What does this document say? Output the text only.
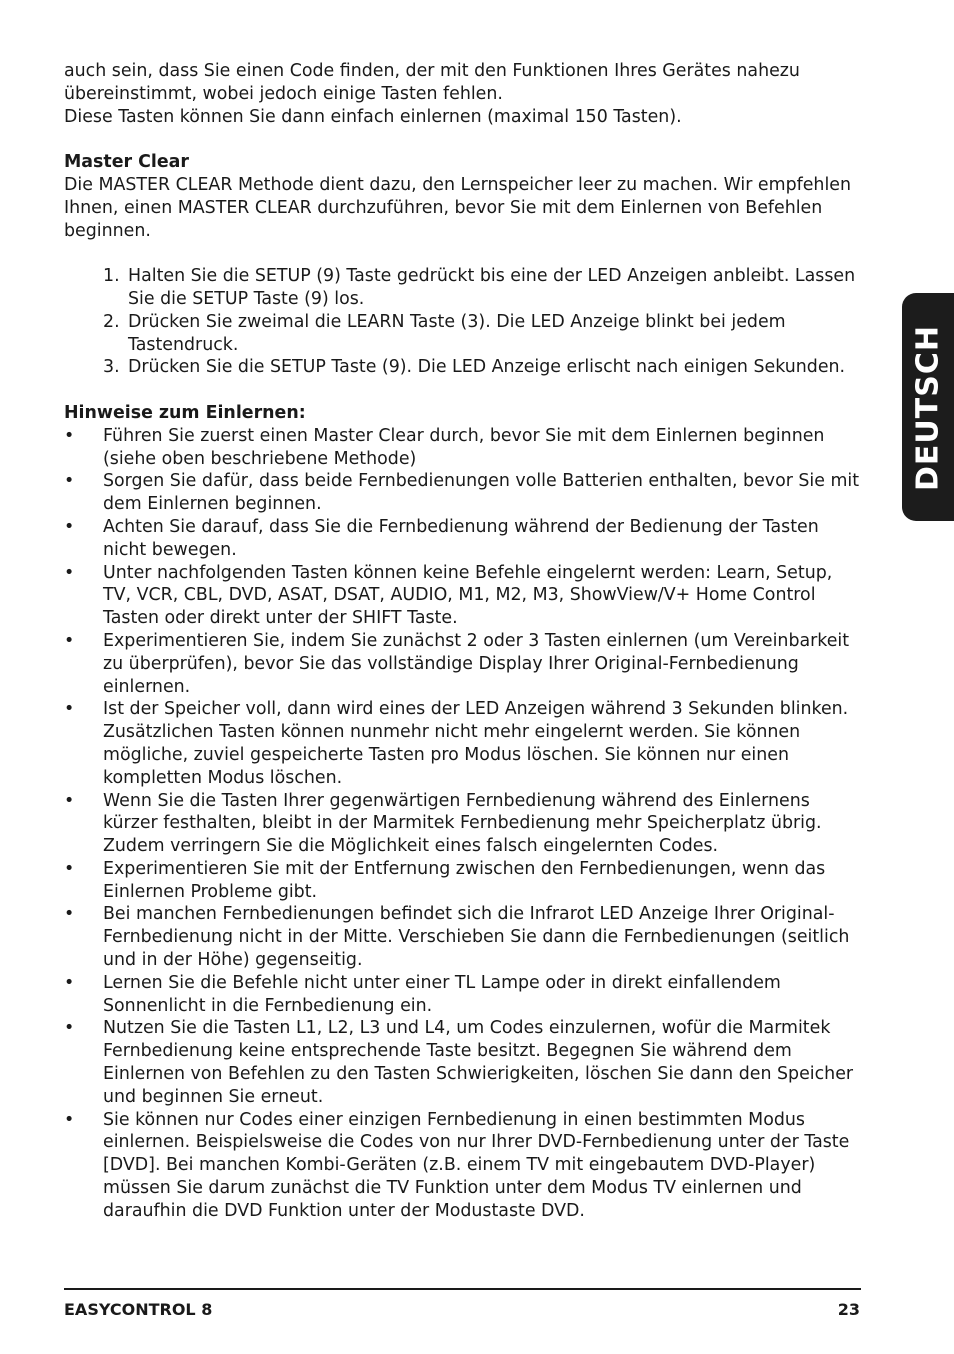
auch sein, dass Sie einen Code finden, der mit den Funktionen Ihres Gerätes nahezu übereinstimmt, wobei jedoch einige Tasten fehlen.

Diese Tasten können Sie dann einfach einlernen (maximal 150 Tasten).

Master Clear

Die MASTER CLEAR Methode dient dazu, den Lernspeicher leer zu machen. Wir empfehlen Ihnen, einen MASTER CLEAR durchzuführen, bevor Sie mit dem Einlernen von Befehlen beginnen.

1. Halten Sie die SETUP (9) Taste gedrückt bis eine der LED Anzeigen anbleibt. Lassen Sie die SETUP Taste (9) los.
2. Drücken Sie zweimal die LEARN Taste (3). Die LED Anzeige blinkt bei jedem Tastendruck.
3. Drücken Sie die SETUP Taste (9). Die LED Anzeige erlischt nach einigen Sekunden.

Hinweise zum Einlernen:

• Führen Sie zuerst einen Master Clear durch, bevor Sie mit dem Einlernen beginnen (siehe oben beschriebene Methode)
• Sorgen Sie dafür, dass beide Fernbedienungen volle Batterien enthalten, bevor Sie mit dem Einlernen beginnen.
• Achten Sie darauf, dass Sie die Fernbedienung während der Bedienung der Tasten nicht bewegen.
• Unter nachfolgenden Tasten können keine Befehle eingelernt werden: Learn, Setup, TV, VCR, CBL, DVD, ASAT, DSAT, AUDIO, M1, M2, M3, ShowView/V+ Home Control Tasten oder direkt unter der SHIFT Taste.
• Experimentieren Sie, indem Sie zunächst 2 oder 3 Tasten einlernen (um Vereinbarkeit zu überprüfen), bevor Sie das vollständige Display Ihrer Original-Fernbedienung einlernen.
• Ist der Speicher voll, dann wird eines der LED Anzeigen während 3 Sekunden blinken. Zusätzlichen Tasten können nunmehr nicht mehr eingelernt werden. Sie können mögliche, zuviel gespeicherte Tasten pro Modus löschen. Sie können nur einen kompletten Modus löschen.
• Wenn Sie die Tasten Ihrer gegenwärtigen Fernbedienung während des Einlernens kürzer festhalten, bleibt in der Marmitek Fernbedienung mehr Speicherplatz übrig. Zudem verringern Sie die Möglichkeit eines falsch eingelernten Codes.
• Experimentieren Sie mit der Entfernung zwischen den Fernbedienungen, wenn das Einlernen Probleme gibt.
• Bei manchen Fernbedienungen befindet sich die Infrarot LED Anzeige Ihrer Original-Fernbedienung nicht in der Mitte. Verschieben Sie dann die Fernbedienungen (seitlich und in der Höhe) gegenseitig.
• Lernen Sie die Befehle nicht unter einer TL Lampe oder in direkt einfallendem Sonnenlicht in die Fernbedienung ein.
• Nutzen Sie die Tasten L1, L2, L3 und L4, um Codes einzulernen, wofür die Marmitek Fernbedienung keine entsprechende Taste besitzt. Begegnen Sie während dem Einlernen von Befehlen zu den Tasten Schwierigkeiten, löschen Sie dann den Speicher und beginnen Sie erneut.
• Sie können nur Codes einer einzigen Fernbedienung in einen bestimmten Modus einlernen. Beispielsweise die Codes von nur Ihrer DVD-Fernbedienung unter der Taste [DVD]. Bei manchen Kombi-Geräten (z.B. einem TV mit eingebautem DVD-Player) müssen Sie darum zunächst die TV Funktion unter dem Modus TV einlernen und daraufhin die DVD Funktion unter der Modustaste DVD.
DEUTSCH
EASYCONTROL 8	23
